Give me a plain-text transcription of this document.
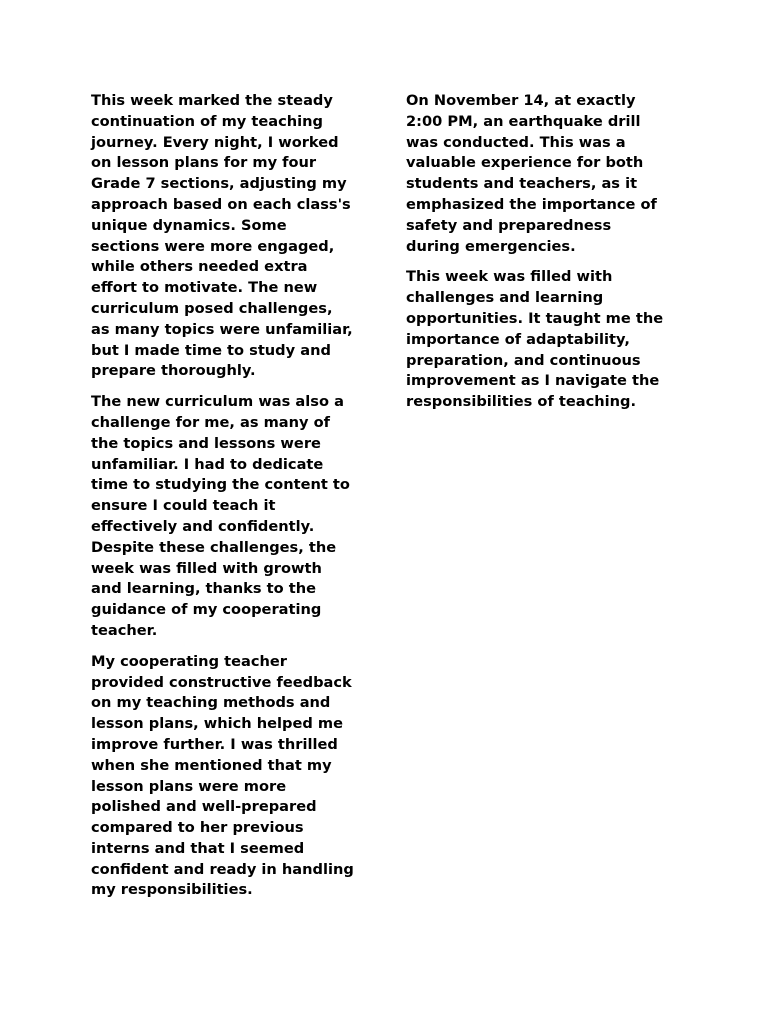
This week marked the steady
continuation of my teaching
journey. Every night, I worked
on lesson plans for my four
Grade 7 sections, adjusting my
approach based on each class's
unique dynamics. Some
sections were more engaged,
while others needed extra
effort to motivate. The new
curriculum posed challenges,
as many topics were unfamiliar,
but I made time to study and
prepare thoroughly.

The new curriculum was also a
challenge for me, as many of
the topics and lessons were
unfamiliar. I had to dedicate
time to studying the content to
ensure I could teach it
effectively and confidently.
Despite these challenges, the
week was filled with growth
and learning, thanks to the
guidance of my cooperating
teacher.

My cooperating teacher
provided constructive feedback
on my teaching methods and
lesson plans, which helped me
improve further. I was thrilled
when she mentioned that my
lesson plans were more
polished and well-prepared
compared to her previous
interns and that I seemed
confident and ready in handling
my responsibilities.

On November 14, at exactly
2:00 PM, an earthquake drill
was conducted. This was a
valuable experience for both
students and teachers, as it
emphasized the importance of
safety and preparedness
during emergencies.

This week was filled with
challenges and learning
opportunities. It taught me the
importance of adaptability,
preparation, and continuous
improvement as I navigate the
responsibilities of teaching.
